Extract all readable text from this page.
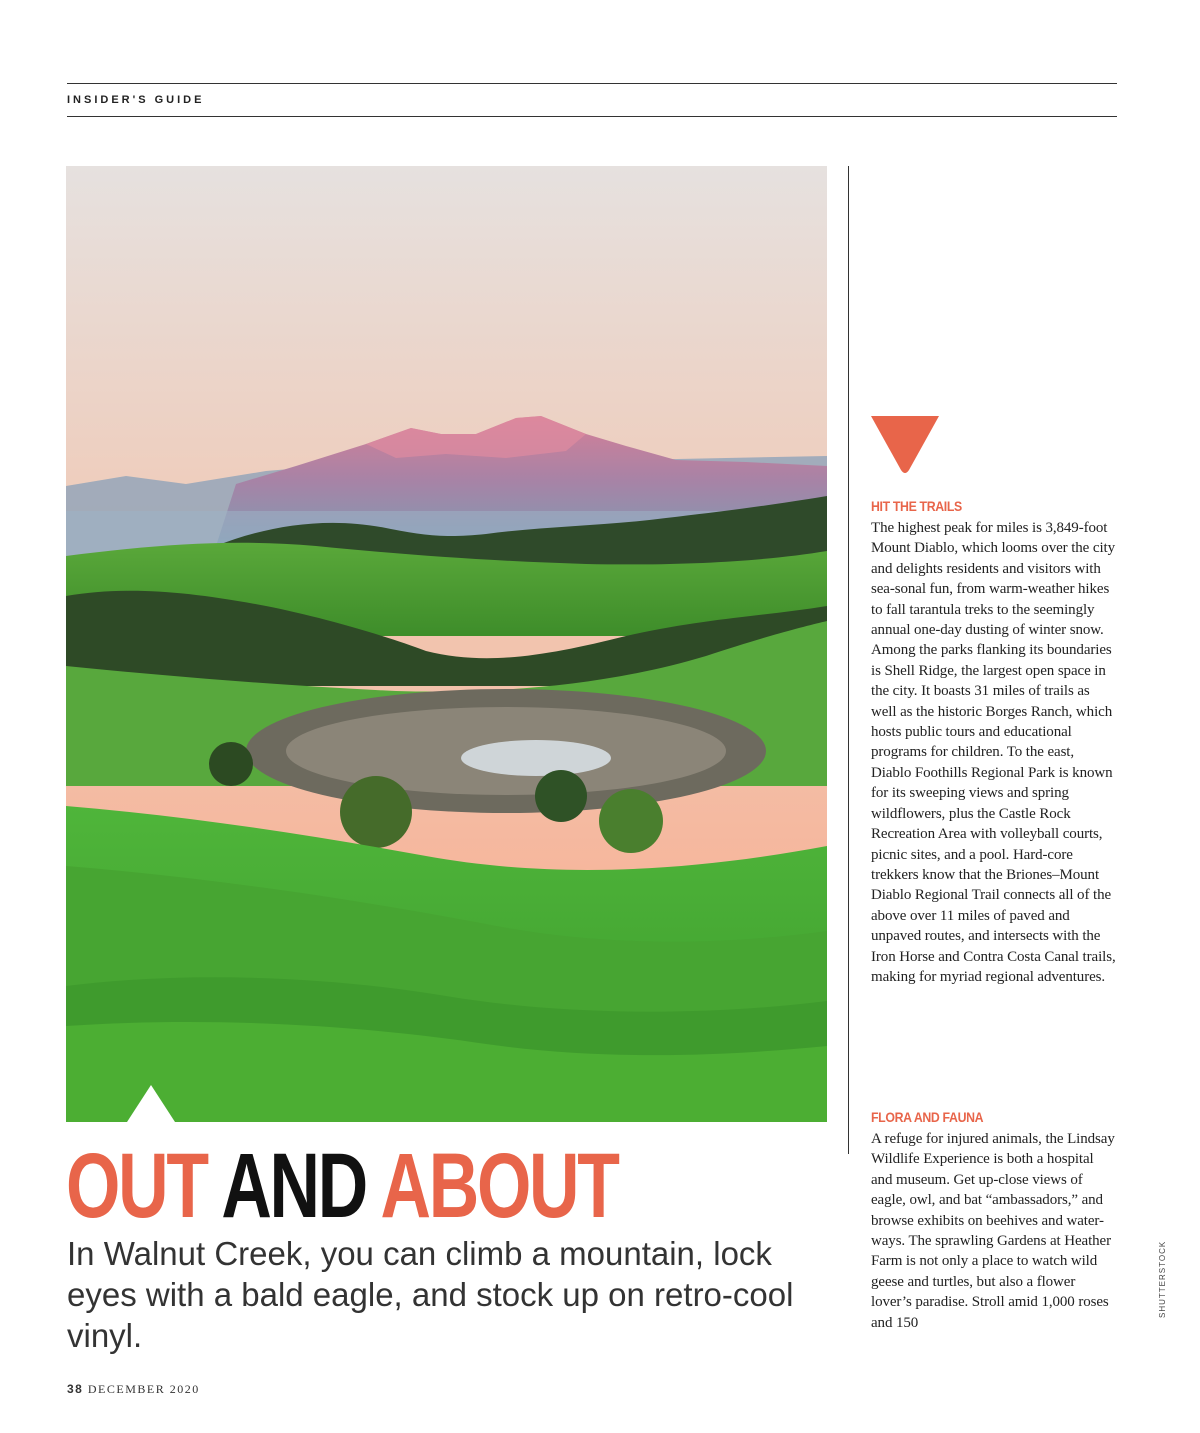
INSIDER'S GUIDE
OUT AND ABOUT
In Walnut Creek, you can climb a mountain, lock eyes with a bald eagle, and stock up on retro-cool vinyl.
HIT THE TRAILS
The highest peak for miles is 3,849-foot Mount Diablo, which looms over the city and delights residents and visitors with sea-sonal fun, from warm-weather hikes to fall tarantula treks to the seemingly annual one-day dusting of winter snow. Among the parks flanking its boundaries is Shell Ridge, the largest open space in the city. It boasts 31 miles of trails as well as the historic Borges Ranch, which hosts public tours and educational programs for children. To the east, Diablo Foothills Regional Park is known for its sweeping views and spring wildflowers, plus the Castle Rock Recreation Area with volleyball courts, picnic sites, and a pool. Hard-core trekkers know that the Briones–Mount Diablo Regional Trail connects all of the above over 11 miles of paved and unpaved routes, and intersects with the Iron Horse and Contra Costa Canal trails, making for myriad regional adventures.
FLORA AND FAUNA
A refuge for injured animals, the Lindsay Wildlife Experience is both a hospital and museum. Get up-close views of eagle, owl, and bat “ambassadors,” and browse exhibits on beehives and water-ways. The sprawling Gardens at Heather Farm is not only a place to watch wild geese and turtles, but also a flower lover’s paradise. Stroll amid 1,000 roses and 150
SHUTTERSTOCK
38 DECEMBER 2020
